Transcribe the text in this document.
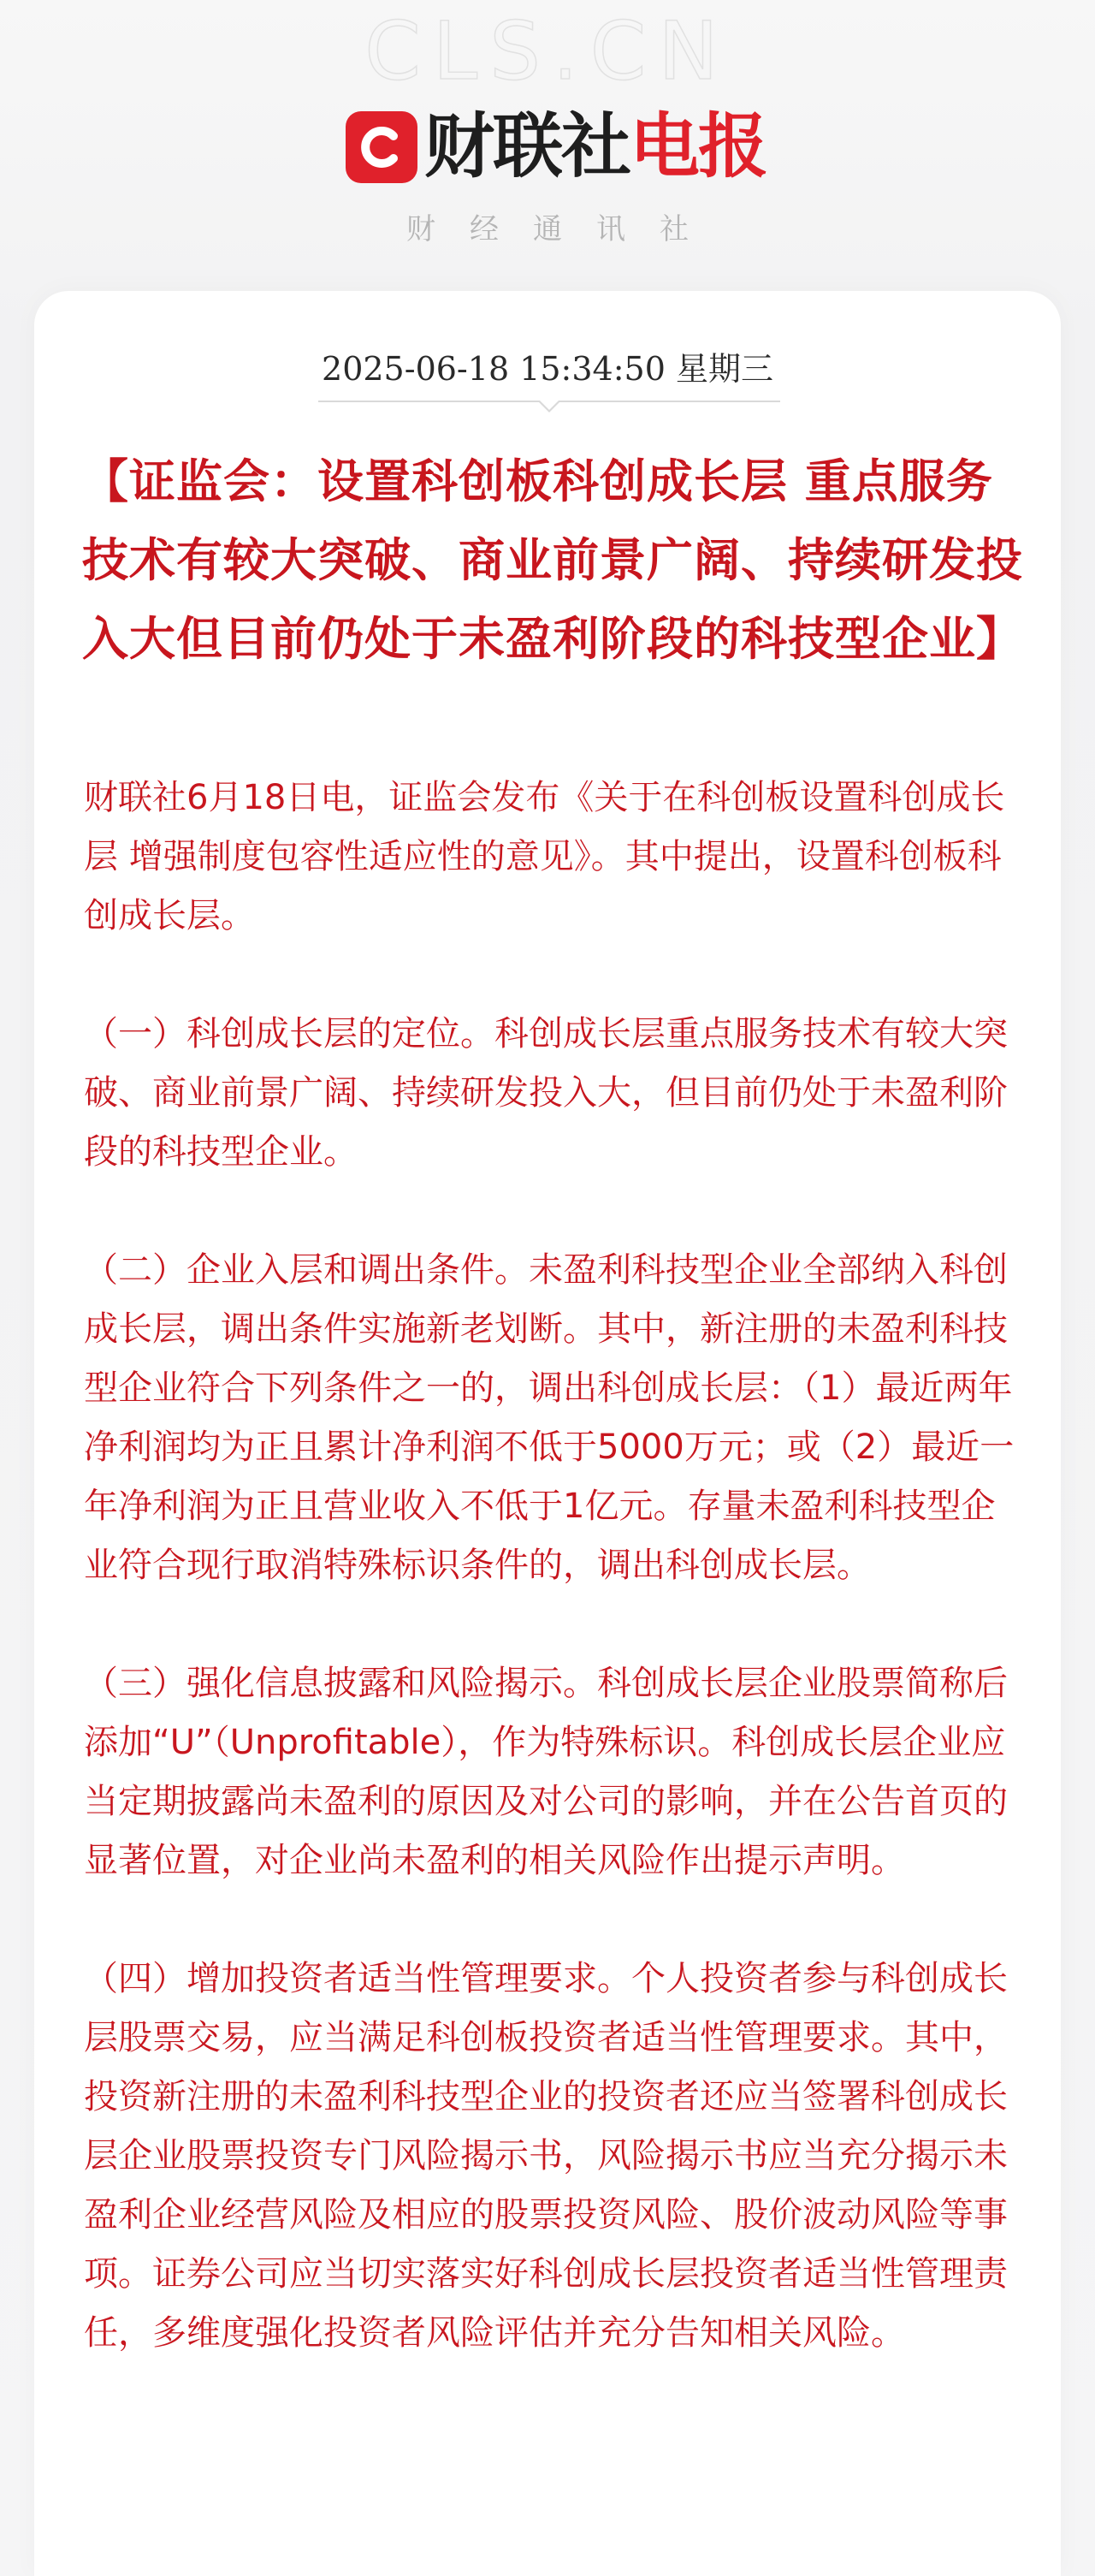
CLS.CN
财联社 电报
财经通讯社
2025-06-18 15:34:50 星期三
【证监会：设置科创板科创成长层 重点服务技术有较大突破、商业前景广阔、持续研发投入大但目前仍处于未盈利阶段的科技型企业】

财联社6月18日电，证监会发布《关于在科创板设置科创成长层 增强制度包容性适应性的意见》。其中提出，设置科创板科创成长层。

（一）科创成长层的定位。科创成长层重点服务技术有较大突破、商业前景广阔、持续研发投入大，但目前仍处于未盈利阶段的科技型企业。

（二）企业入层和调出条件。未盈利科技型企业全部纳入科创成长层，调出条件实施新老划断。其中，新注册的未盈利科技型企业符合下列条件之一的，调出科创成长层：（1）最近两年净利润均为正且累计净利润不低于5000万元；或（2）最近一年净利润为正且营业收入不低于1亿元。存量未盈利科技型企业符合现行取消特殊标识条件的，调出科创成长层。

（三）强化信息披露和风险揭示。科创成长层企业股票简称后添加“U”（Unprofitable），作为特殊标识。科创成长层企业应当定期披露尚未盈利的原因及对公司的影响，并在公告首页的显著位置，对企业尚未盈利的相关风险作出提示声明。

（四）增加投资者适当性管理要求。个人投资者参与科创成长层股票交易，应当满足科创板投资者适当性管理要求。其中，投资新注册的未盈利科技型企业的投资者还应当签署科创成长层企业股票投资专门风险揭示书，风险揭示书应当充分揭示未盈利企业经营风险及相应的股票投资风险、股价波动风险等事项。证券公司应当切实落实好科创成长层投资者适当性管理责任，多维度强化投资者风险评估并充分告知相关风险。
